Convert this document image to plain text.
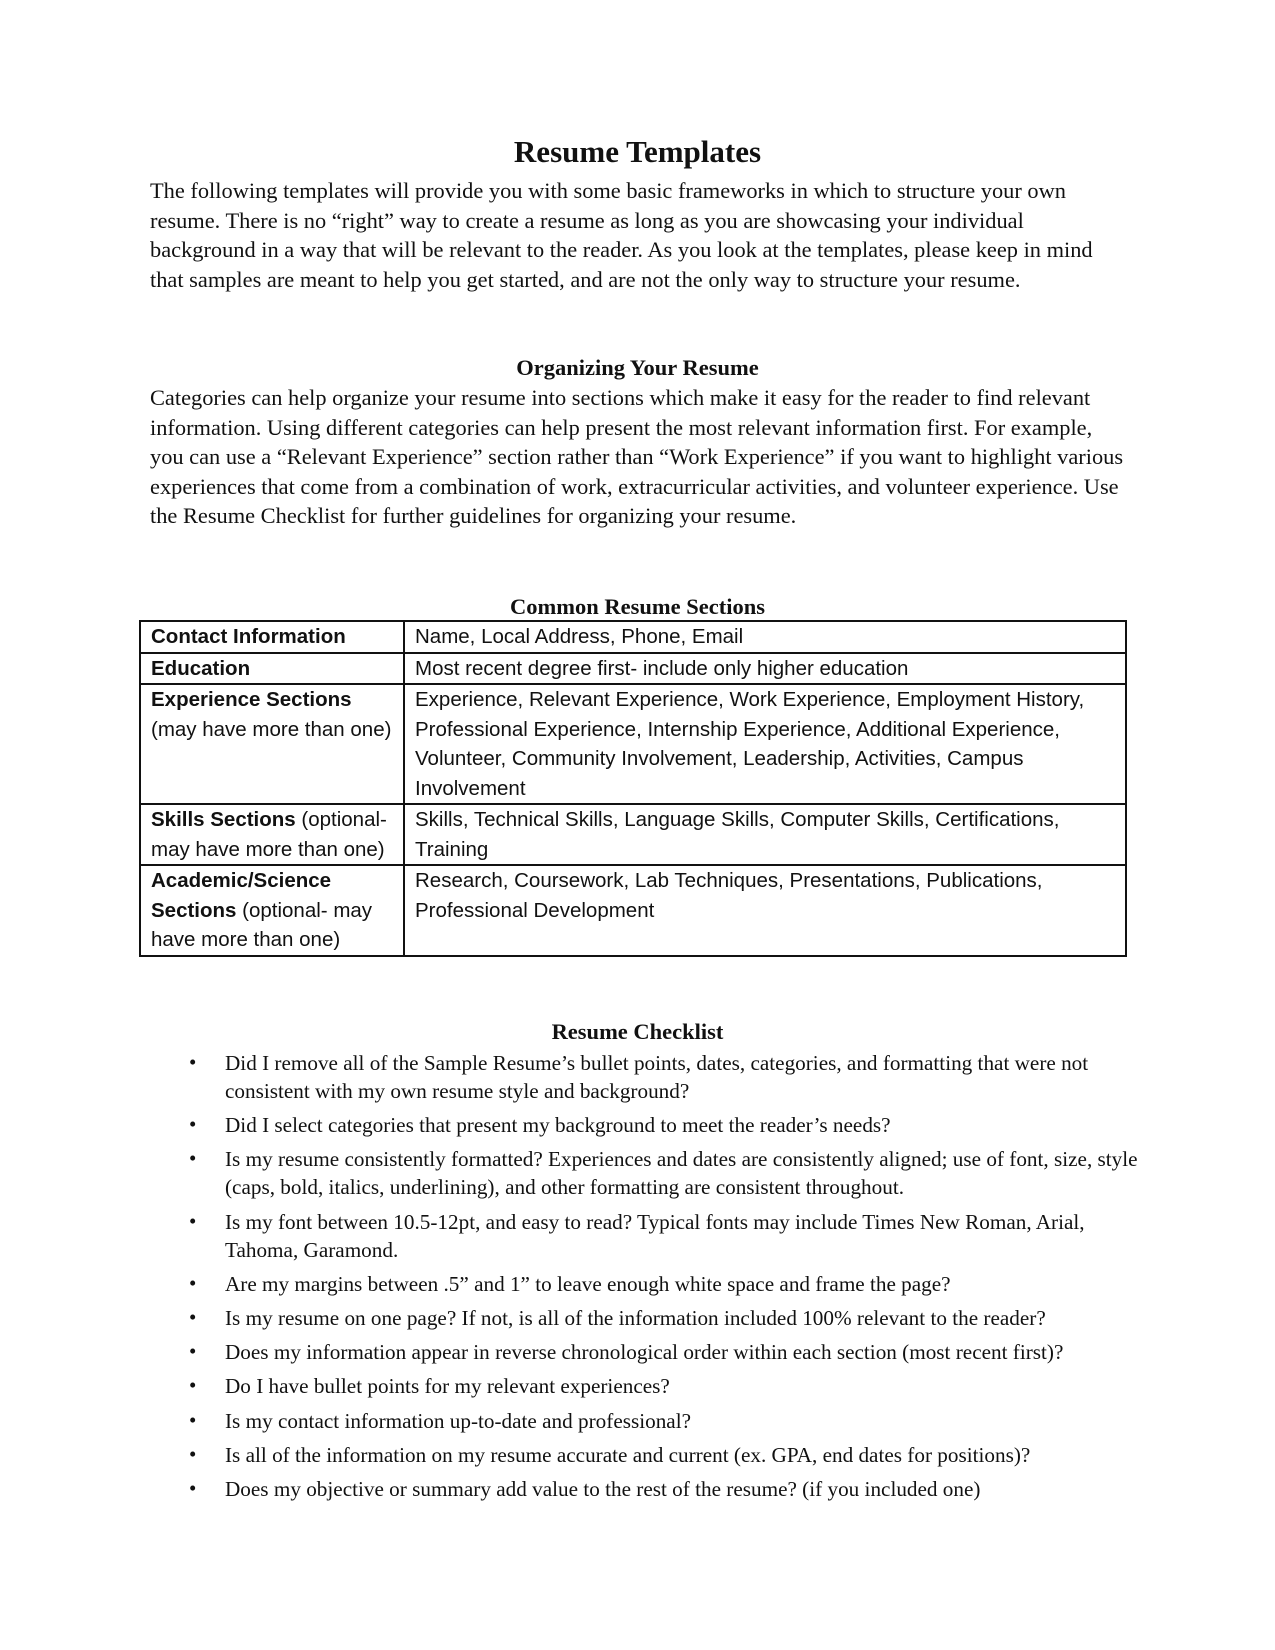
Resume Templates
The following templates will provide you with some basic frameworks in which to structure your own resume. There is no “right” way to create a resume as long as you are showcasing your individual background in a way that will be relevant to the reader. As you look at the templates, please keep in mind that samples are meant to help you get started, and are not the only way to structure your resume.
Organizing Your Resume
Categories can help organize your resume into sections which make it easy for the reader to find relevant information. Using different categories can help present the most relevant information first. For example, you can use a “Relevant Experience” section rather than “Work Experience” if you want to highlight various experiences that come from a combination of work, extracurricular activities, and volunteer experience. Use the Resume Checklist for further guidelines for organizing your resume.
Common Resume Sections
Contact Information	Name, Local Address, Phone, Email
Education	Most recent degree first- include only higher education
Experience Sections (may have more than one)	Experience, Relevant Experience, Work Experience, Employment History, Professional Experience, Internship Experience, Additional Experience, Volunteer, Community Involvement, Leadership, Activities, Campus Involvement
Skills Sections (optional- may have more than one)	Skills, Technical Skills, Language Skills, Computer Skills, Certifications, Training
Academic/Science Sections (optional- may have more than one)	Research, Coursework, Lab Techniques, Presentations, Publications, Professional Development
Resume Checklist
• Did I remove all of the Sample Resume’s bullet points, dates, categories, and formatting that were not consistent with my own resume style and background?
• Did I select categories that present my background to meet the reader’s needs?
• Is my resume consistently formatted? Experiences and dates are consistently aligned; use of font, size, style (caps, bold, italics, underlining), and other formatting are consistent throughout.
• Is my font between 10.5-12pt, and easy to read? Typical fonts may include Times New Roman, Arial, Tahoma, Garamond.
• Are my margins between .5” and 1” to leave enough white space and frame the page?
• Is my resume on one page? If not, is all of the information included 100% relevant to the reader?
• Does my information appear in reverse chronological order within each section (most recent first)?
• Do I have bullet points for my relevant experiences?
• Is my contact information up-to-date and professional?
• Is all of the information on my resume accurate and current (ex. GPA, end dates for positions)?
• Does my objective or summary add value to the rest of the resume? (if you included one)
